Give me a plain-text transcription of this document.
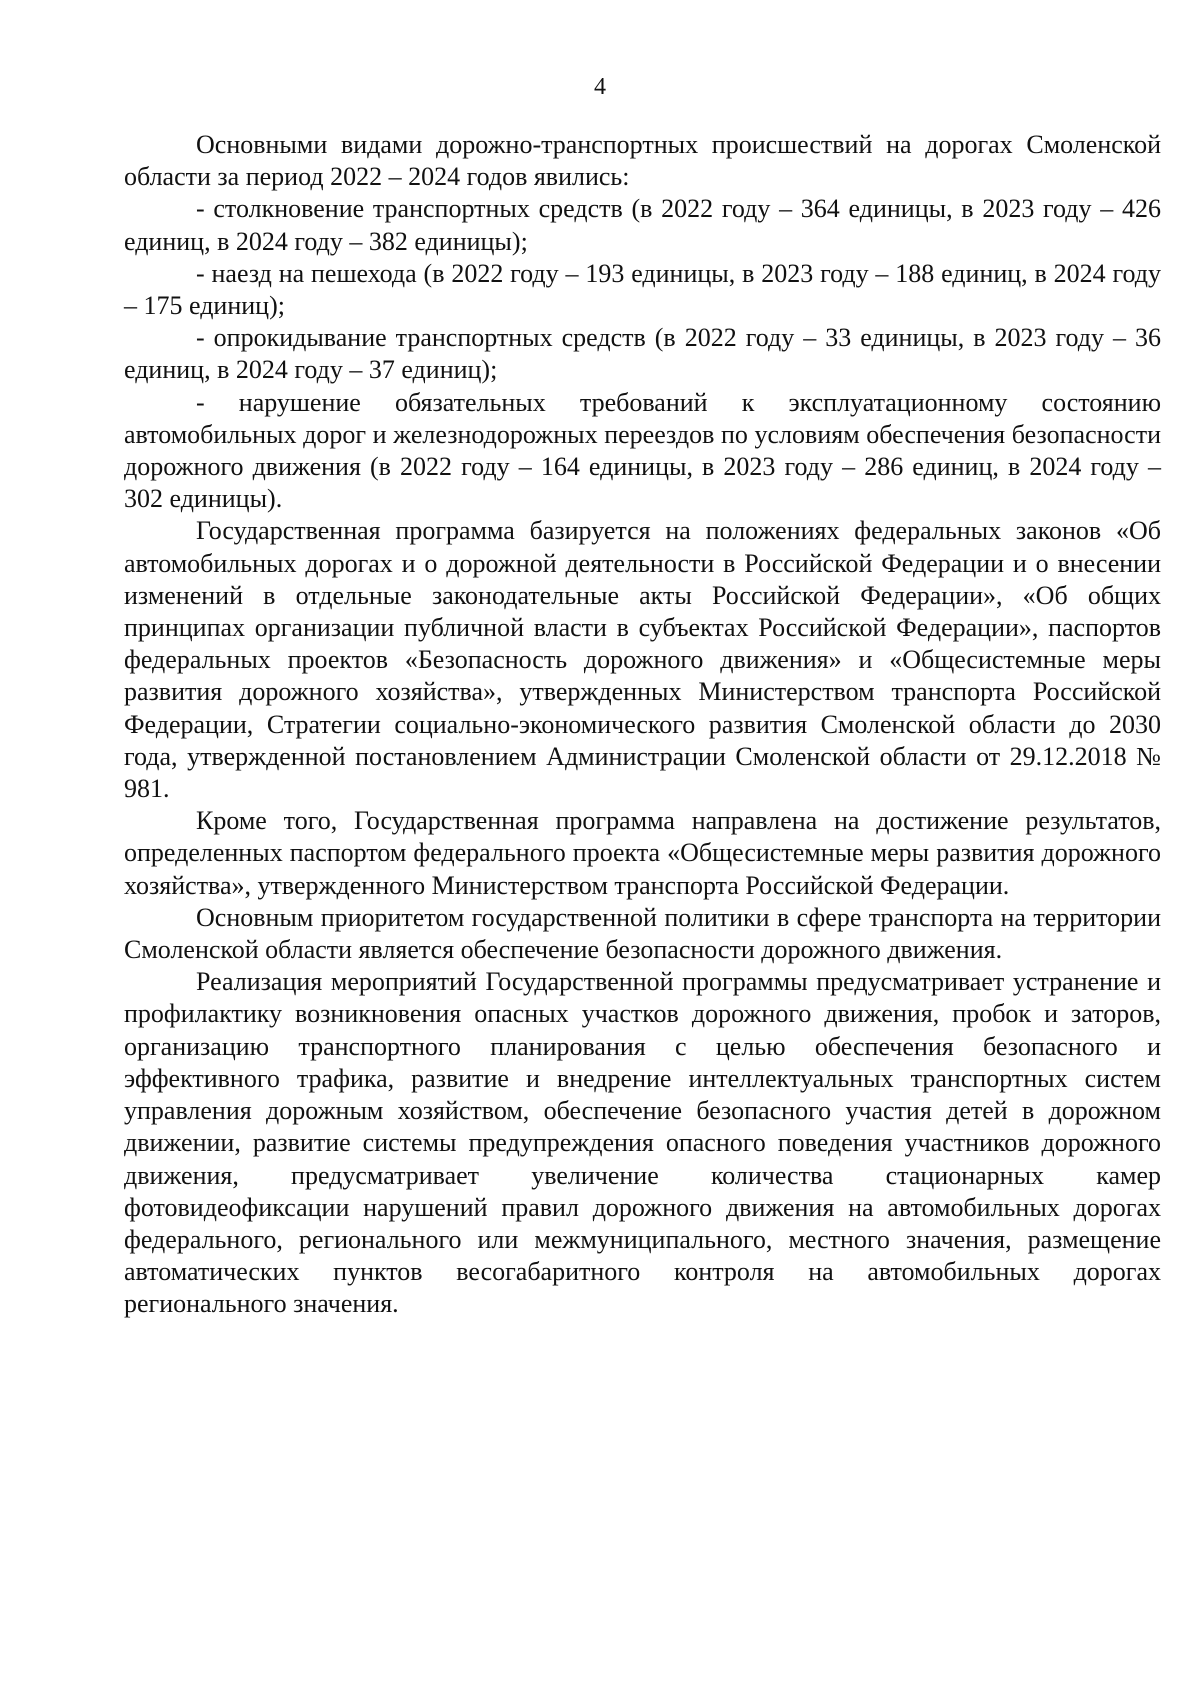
4

Основными видами дорожно-транспортных происшествий на дорогах Смоленской области за период 2022 – 2024 годов явились:

- столкновение транспортных средств (в 2022 году – 364 единицы, в 2023 году – 426 единиц, в 2024 году – 382 единицы);

- наезд на пешехода (в 2022 году – 193 единицы, в 2023 году – 188 единиц, в 2024 году – 175 единиц);

- опрокидывание транспортных средств (в 2022 году – 33 единицы, в 2023 году – 36 единиц, в 2024 году – 37 единиц);

- нарушение обязательных требований к эксплуатационному состоянию автомобильных дорог и железнодорожных переездов по условиям обеспечения безопасности дорожного движения (в 2022 году – 164 единицы, в 2023 году – 286 единиц, в 2024 году – 302 единицы).

Государственная программа базируется на положениях федеральных законов «Об автомобильных дорогах и о дорожной деятельности в Российской Федерации и о внесении изменений в отдельные законодательные акты Российской Федерации», «Об общих принципах организации публичной власти в субъектах Российской Федерации», паспортов федеральных проектов «Безопасность дорожного движения» и «Общесистемные меры развития дорожного хозяйства», утвержденных Министерством транспорта Российской Федерации, Стратегии социально-экономического развития Смоленской области до 2030 года, утвержденной постановлением Администрации Смоленской области от 29.12.2018 № 981.

Кроме того, Государственная программа направлена на достижение результатов, определенных паспортом федерального проекта «Общесистемные меры развития дорожного хозяйства», утвержденного Министерством транспорта Российской Федерации.

Основным приоритетом государственной политики в сфере транспорта на территории Смоленской области является обеспечение безопасности дорожного движения.

Реализация мероприятий Государственной программы предусматривает устранение и профилактику возникновения опасных участков дорожного движения, пробок и заторов, организацию транспортного планирования с целью обеспечения безопасного и эффективного трафика, развитие и внедрение интеллектуальных транспортных систем управления дорожным хозяйством, обеспечение безопасного участия детей в дорожном движении, развитие системы предупреждения опасного поведения участников дорожного движения, предусматривает увеличение количества стационарных камер фотовидеофиксации нарушений правил дорожного движения на автомобильных дорогах федерального, регионального или межмуниципального, местного значения, размещение автоматических пунктов весогабаритного контроля на автомобильных дорогах регионального значения.
